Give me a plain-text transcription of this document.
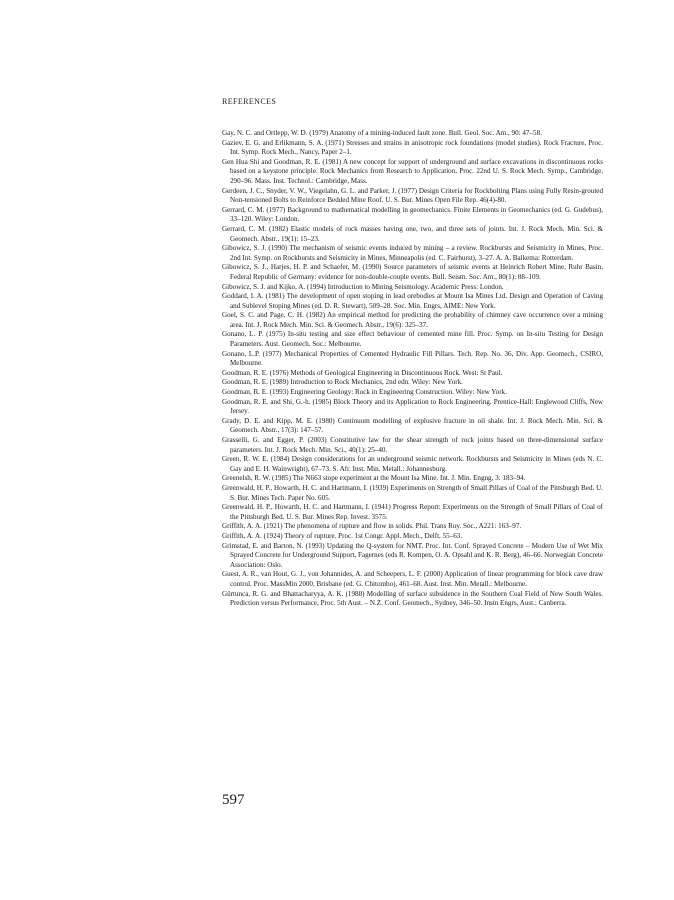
REFERENCES
Gay, N. C. and Ortlepp, W. D. (1979) Anatomy of a mining-induced fault zone. Bull. Geol. Soc. Am., 90: 47–58.
Gaziev, E. G. and Erlikmann, S. A. (1971) Stresses and strains in anisotropic rock foundations (model studies). Rock Fracture, Proc. Int. Symp. Rock Mech., Nancy, Paper 2–1.
Gen Hua Shi and Goodman, R. E. (1981) A new concept for support of underground and surface excavations in discontinuous rocks based on a keystone principle. Rock Mechanics from Research to Application, Proc. 22nd U. S. Rock Mech. Symp., Cambridge, 290–96. Mass. Inst. Technol.: Cambridge, Mass.
Gerdeen, J. C., Snyder, V. W., Viegelahn, G. L. and Parker, J. (1977) Design Criteria for Rockbolting Plans using Fully Resin-grouted Non-tensioned Bolts to Reinforce Bedded Mine Roof. U. S. Bur. Mines Open File Rep. 46(4)-80.
Gerrard, C. M. (1977) Background to mathematical modelling in geomechanics. Finite Elements in Geomechanics (ed. G. Gudehus), 33–120. Wiley: London.
Gerrard, C. M. (1982) Elastic models of rock masses having one, two, and three sets of joints. Int. J. Rock Mech. Min. Sci. & Geomech. Abstr., 19(1): 15–23.
Gibowicz, S. J. (1990) The mechanism of seismic events induced by mining – a review. Rockbursts and Seismicity in Mines, Proc. 2nd Int. Symp. on Rockbursts and Seismicity in Mines, Minneapolis (ed. C. Fairhurst), 3–27. A. A. Balkema: Rotterdam.
Gibowicz, S. J., Harjes, H. P. and Schaefer, M. (1990) Source parameters of seismic events at Heinrich Robert Mine, Ruhr Basin, Federal Republic of Germany: evidence for non-double-couple events. Bull. Seism. Soc. Am., 80(1): 88–109.
Gibowicz, S. J. and Kijko, A. (1994) Introduction to Mining Seismology. Academic Press: London.
Goddard, I. A. (1981) The development of open stoping in lead orebodies at Mount Isa Mines Ltd. Design and Operation of Caving and Sublevel Stoping Mines (ed. D. R. Stewart), 509–28. Soc. Min. Engrs, AIME: New York.
Goel, S. C. and Page, C. H. (1982) An empirical method for predicting the probability of chimney cave occurrence over a mining area. Int. J. Rock Mech. Min. Sci. & Geomech. Abstr., 19(6): 325–37.
Gonano, L. P. (1975) In-situ testing and size effect behaviour of cemented mine fill. Proc. Symp. on In-situ Testing for Design Parameters. Aust. Geomech. Soc.: Melbourne.
Gonano, L.P. (1977) Mechanical Properties of Cemented Hydraulic Fill Pillars. Tech. Rep. No. 36, Div. App. Geomech., CSIRO, Melbourne.
Goodman, R. E. (1976) Methods of Geological Engineering in Discontinuous Rock. West: St Paul.
Goodman, R. E. (1989) Introduction to Rock Mechanics, 2nd edn. Wiley: New York.
Goodman, R. E. (1993) Engineering Geology: Rock in Engineering Construction. Wiley: New York.
Goodman, R. E. and Shi, G.-h. (1985) Block Theory and its Application to Rock Engineering. Prentice-Hall: Englewood Cliffs, New Jersey.
Grady, D. E. and Kipp, M. E. (1980) Continuum modelling of explosive fracture in oil shale. Int. J. Rock Mech. Min. Sci. & Geomech. Abstr., 17(3): 147–57.
Grasselli, G. and Egger, P. (2003) Constitutive law for the shear strength of rock joints based on three-dimensional surface parameters. Int. J. Rock Mech. Min. Sci., 40(1): 25–40.
Green, R. W. E. (1984) Design considerations for an underground seismic network. Rockbursts and Seismicity in Mines (eds N. C. Gay and E. H. Wainwright), 67–73. S. Afr. Inst. Min. Metall.: Johannesburg.
Greenelsh, R. W. (1985) The N663 stope experiment at the Mount Isa Mine. Int. J. Min. Engng, 3: 183–94.
Greenwald, H. P., Howarth, H. C. and Hartmann, I. (1939) Experiments on Strength of Small Pillars of Coal of the Pittsburgh Bed. U. S. Bur. Mines Tech. Paper No. 605.
Greenwald, H. P., Howarth, H. C. and Hartmann, I. (1941) Progress Report: Experiments on the Strength of Small Pillars of Coal of the Pittsburgh Bed. U. S. Bur. Mines Rep. Invest. 3575.
Griffith, A. A. (1921) The phenomena of rupture and flow in solids. Phil. Trans Roy. Soc., A221: 163–97.
Griffith, A. A. (1924) Theory of rupture. Proc. 1st Congr. Appl. Mech., Delft, 55–63.
Grimstad, E. and Barton, N. (1993) Updating the Q-system for NMT. Proc. Int. Conf. Sprayed Concrete – Modern Use of Wet Mix Sprayed Concrete for Underground Support, Fagernes (eds R. Kompen, O. A. Opsahl and K. R. Berg), 46–66. Norwegian Concrete Association: Oslo.
Guest, A. R., van Hout, G. J., von Johannides, A. and Scheepers, L. F. (2000) Application of linear programming for block cave draw control. Proc. MassMin 2000, Brisbane (ed. G. Chitombo), 461–68. Aust. Inst. Min. Metall.: Melbourne.
Gürtunca, R. G. and Bhattacharyya, A. K. (1988) Modelling of surface subsidence in the Southern Coal Field of New South Wales. Prediction versus Performance, Proc. 5th Aust. – N.Z. Conf. Geomech., Sydney, 346–50. Instn Engrs, Aust.: Canberra.
597
